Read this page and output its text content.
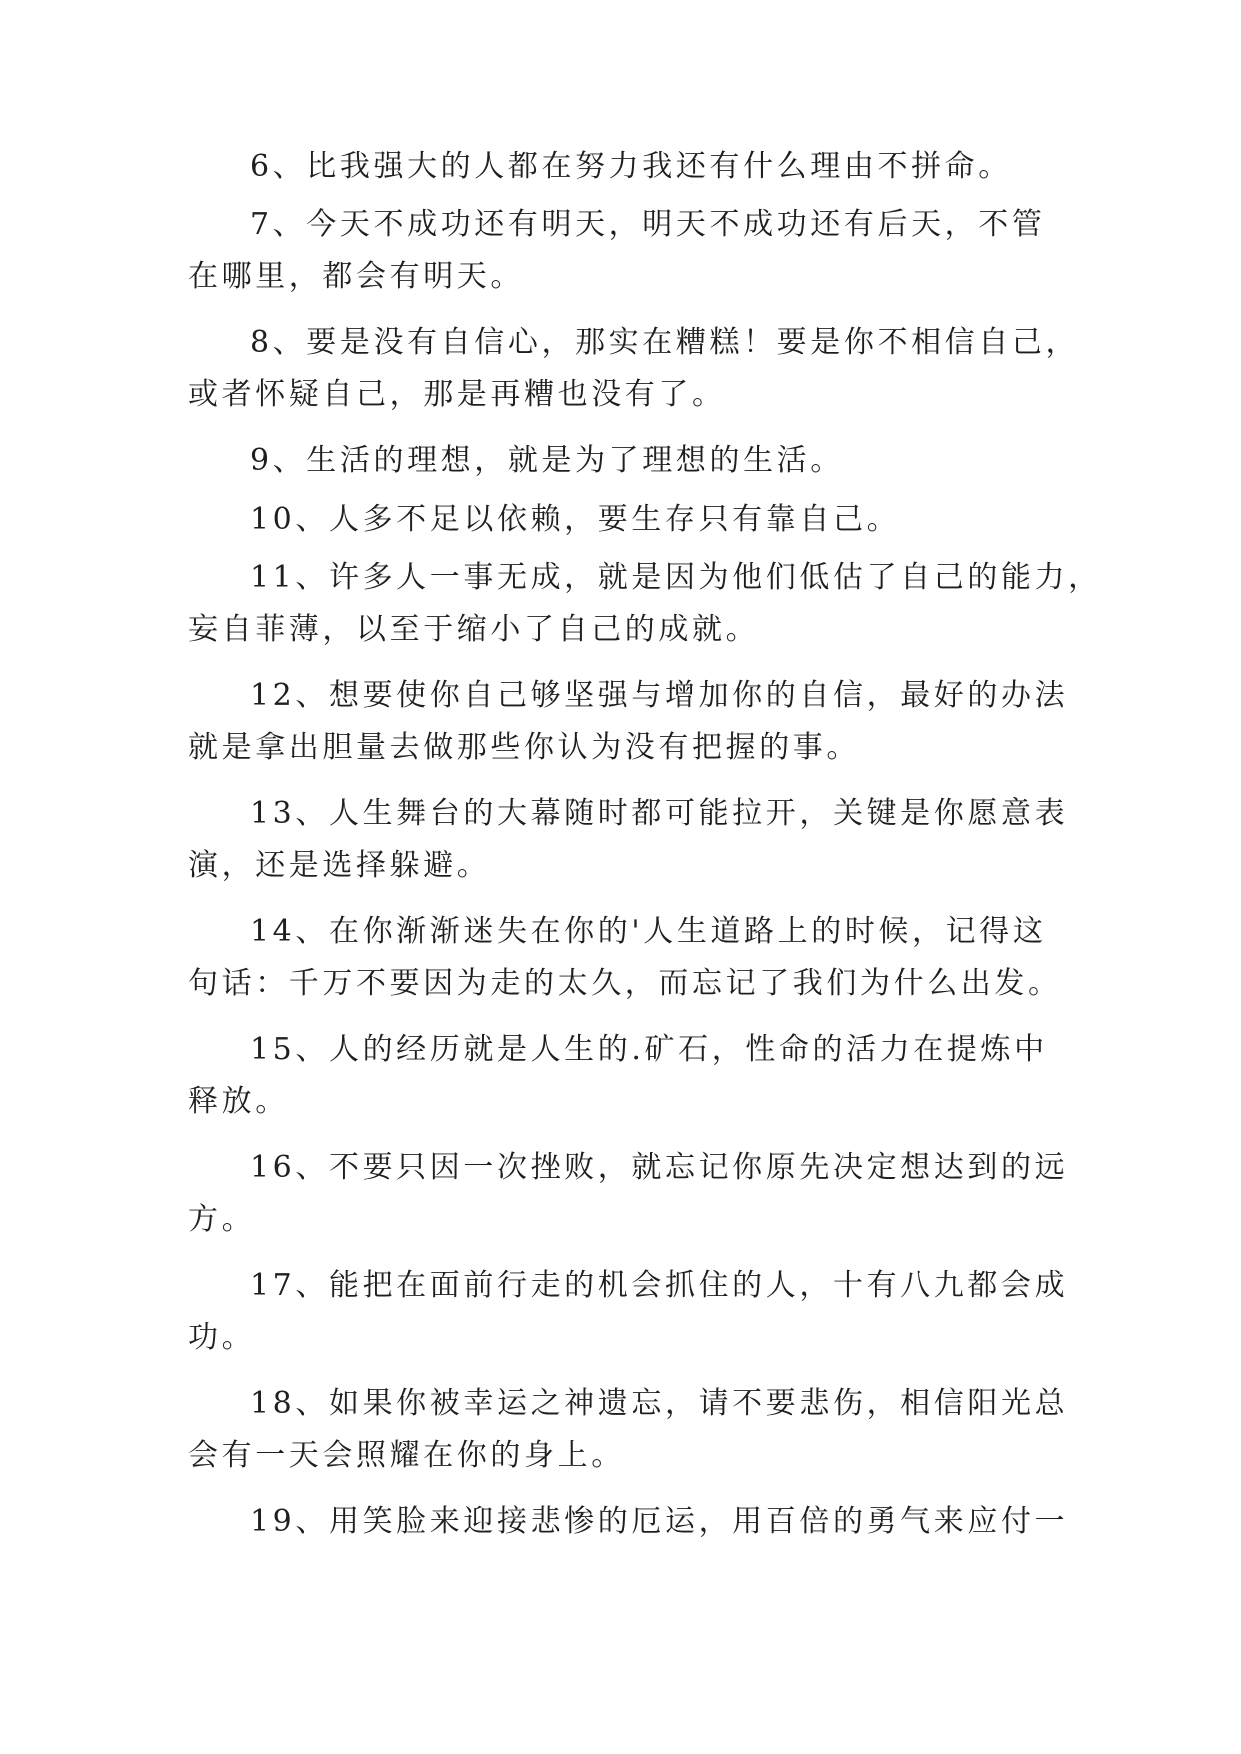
6、比我强大的人都在努力我还有什么理由不拼命。
7、今天不成功还有明天，明天不成功还有后天，不管
在哪里，都会有明天。
8、要是没有自信心，那实在糟糕！要是你不相信自己，
或者怀疑自己，那是再糟也没有了。
9、生活的理想，就是为了理想的生活。
10、人多不足以依赖，要生存只有靠自己。
11、许多人一事无成，就是因为他们低估了自己的能力，
妄自菲薄，以至于缩小了自己的成就。
12、想要使你自己够坚强与增加你的自信，最好的办法
就是拿出胆量去做那些你认为没有把握的事。
13、人生舞台的大幕随时都可能拉开，关键是你愿意表
演，还是选择躲避。
14、在你渐渐迷失在你的'人生道路上的时候，记得这
句话：千万不要因为走的太久，而忘记了我们为什么出发。
15、人的经历就是人生的.矿石，性命的活力在提炼中
释放。
16、不要只因一次挫败，就忘记你原先决定想达到的远
方。
17、能把在面前行走的机会抓住的人，十有八九都会成
功。
18、如果你被幸运之神遗忘，请不要悲伤，相信阳光总
会有一天会照耀在你的身上。
19、用笑脸来迎接悲惨的厄运，用百倍的勇气来应付一
